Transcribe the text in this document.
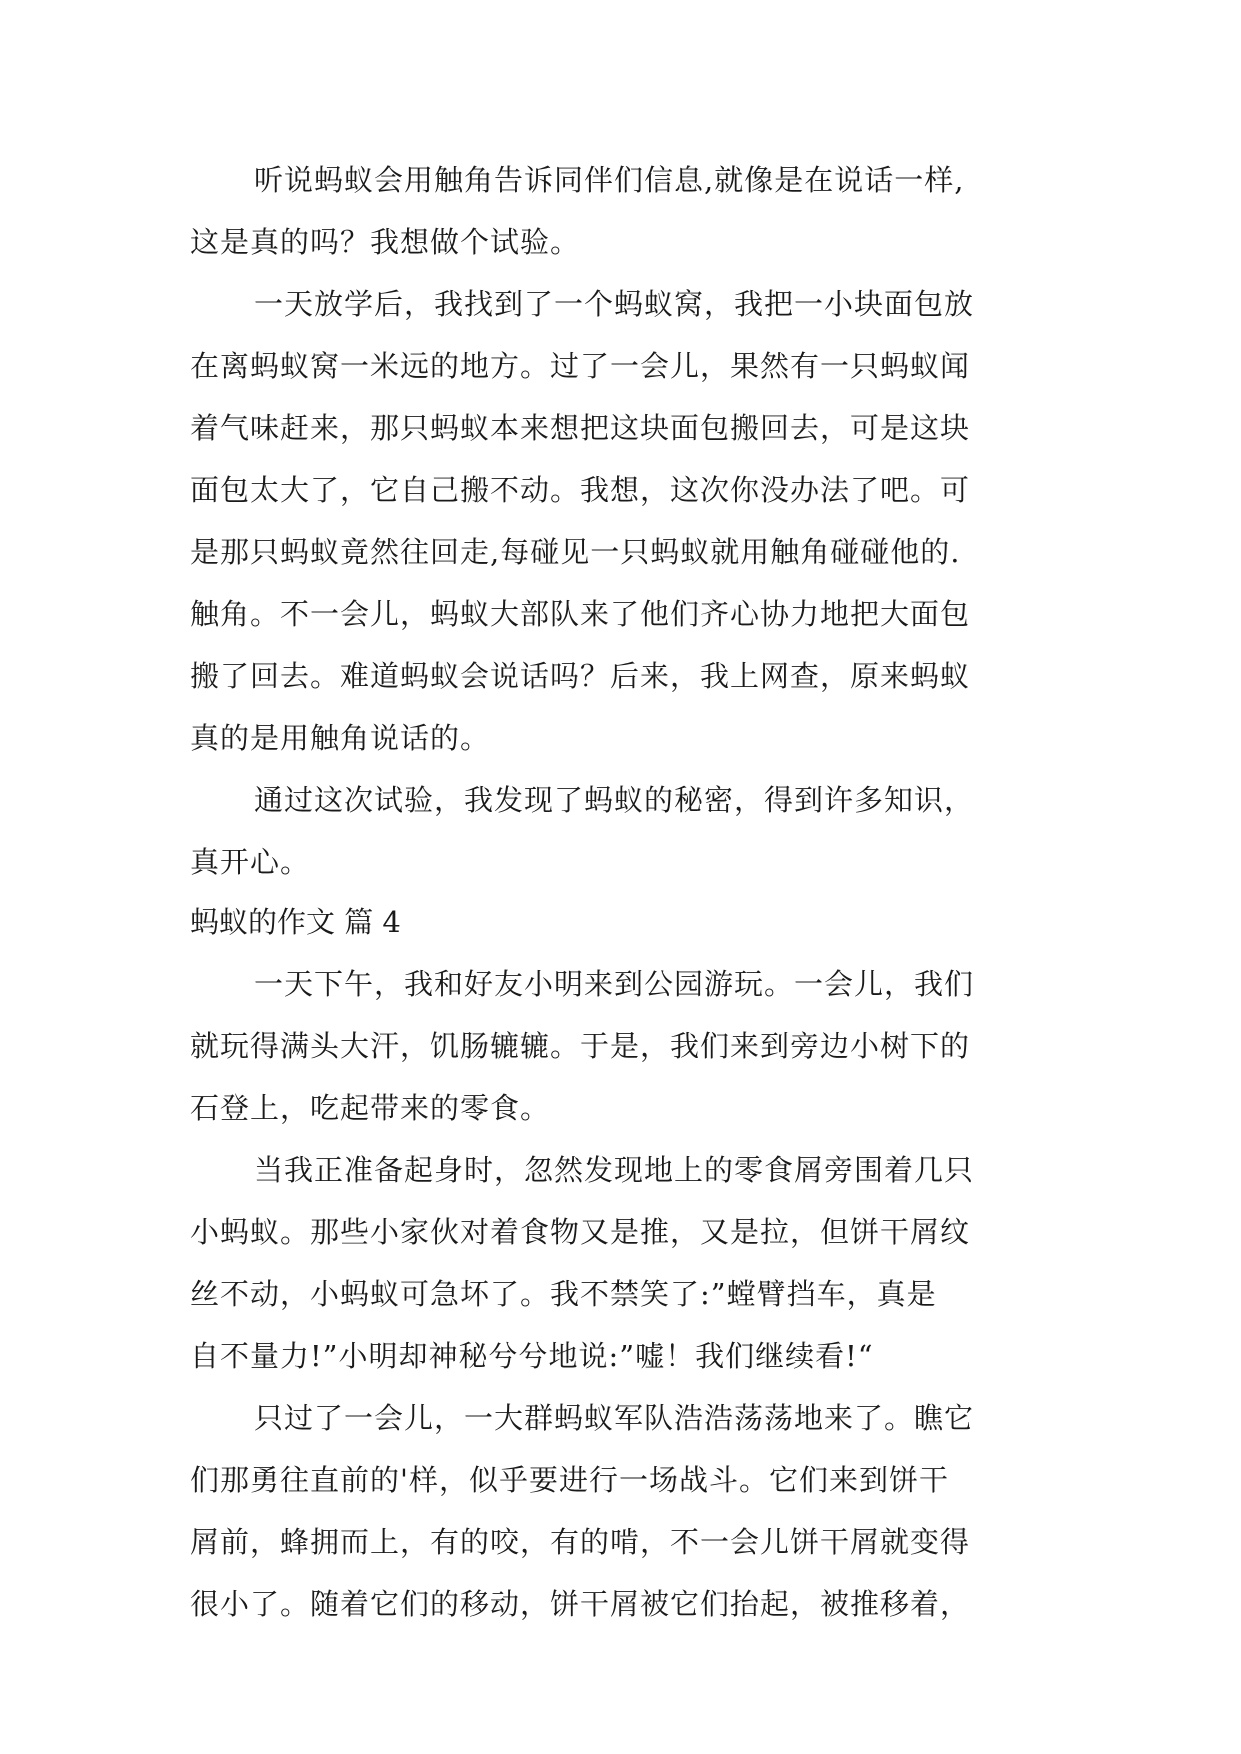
听说蚂蚁会用触角告诉同伴们信息,就像是在说话一样,
这是真的吗？我想做个试验。
一天放学后，我找到了一个蚂蚁窝，我把一小块面包放
在离蚂蚁窝一米远的地方。过了一会儿，果然有一只蚂蚁闻
着气味赶来，那只蚂蚁本来想把这块面包搬回去，可是这块
面包太大了，它自己搬不动。我想，这次你没办法了吧。可
是那只蚂蚁竟然往回走,每碰见一只蚂蚁就用触角碰碰他的.
触角。不一会儿，蚂蚁大部队来了他们齐心协力地把大面包
搬了回去。难道蚂蚁会说话吗？后来，我上网查，原来蚂蚁
真的是用触角说话的。
通过这次试验，我发现了蚂蚁的秘密，得到许多知识，
真开心。
蚂蚁的作文 篇 4
一天下午，我和好友小明来到公园游玩。一会儿，我们
就玩得满头大汗，饥肠辘辘。于是，我们来到旁边小树下的
石登上，吃起带来的零食。
当我正准备起身时，忽然发现地上的零食屑旁围着几只
小蚂蚁。那些小家伙对着食物又是推，又是拉，但饼干屑纹
丝不动，小蚂蚁可急坏了。我不禁笑了:”螳臂挡车，真是
自不量力!”小明却神秘兮兮地说:”嘘！我们继续看!“
只过了一会儿，一大群蚂蚁军队浩浩荡荡地来了。瞧它
们那勇往直前的'样，似乎要进行一场战斗。它们来到饼干
屑前，蜂拥而上，有的咬，有的啃，不一会儿饼干屑就变得
很小了。随着它们的移动，饼干屑被它们抬起，被推移着，
